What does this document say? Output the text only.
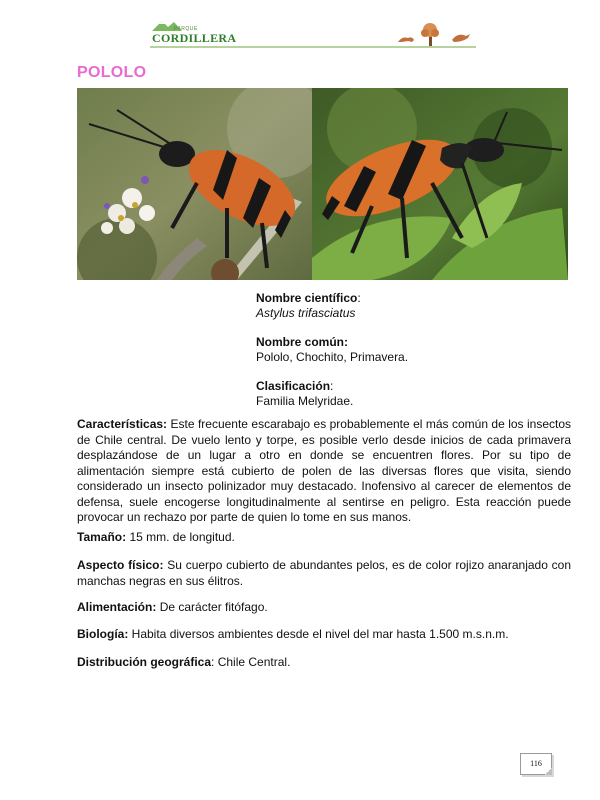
PARQUE
CORDILLERA
POLOLO
Nombre científico:
Astylus trifasciatus
Nombre común:
Pololo, Chochito, Primavera.
Clasificación:
Familia Melyridae.

Características: Este frecuente escarabajo es probablemente el más común de los insectos de Chile central. De vuelo lento y torpe, es posible verlo desde inicios de cada primavera desplazándose de un lugar a otro en donde se encuentren flores. Por su tipo de alimentación siempre está cubierto de polen de las diversas flores que visita, siendo considerado un insecto polinizador muy destacado. Inofensivo al carecer de elementos de defensa, suele encogerse longitudinalmente al sentirse en peligro. Esta reacción puede provocar un rechazo por parte de quien lo tome en sus manos.

Tamaño: 15 mm. de longitud.

Aspecto físico: Su cuerpo cubierto de abundantes pelos, es de color rojizo anaranjado con manchas negras en sus élitros.

Alimentación: De carácter fitófago.

Biología: Habita diversos ambientes desde el nivel del mar hasta 1.500 m.s.n.m.

Distribución geográfica: Chile Central.

116
